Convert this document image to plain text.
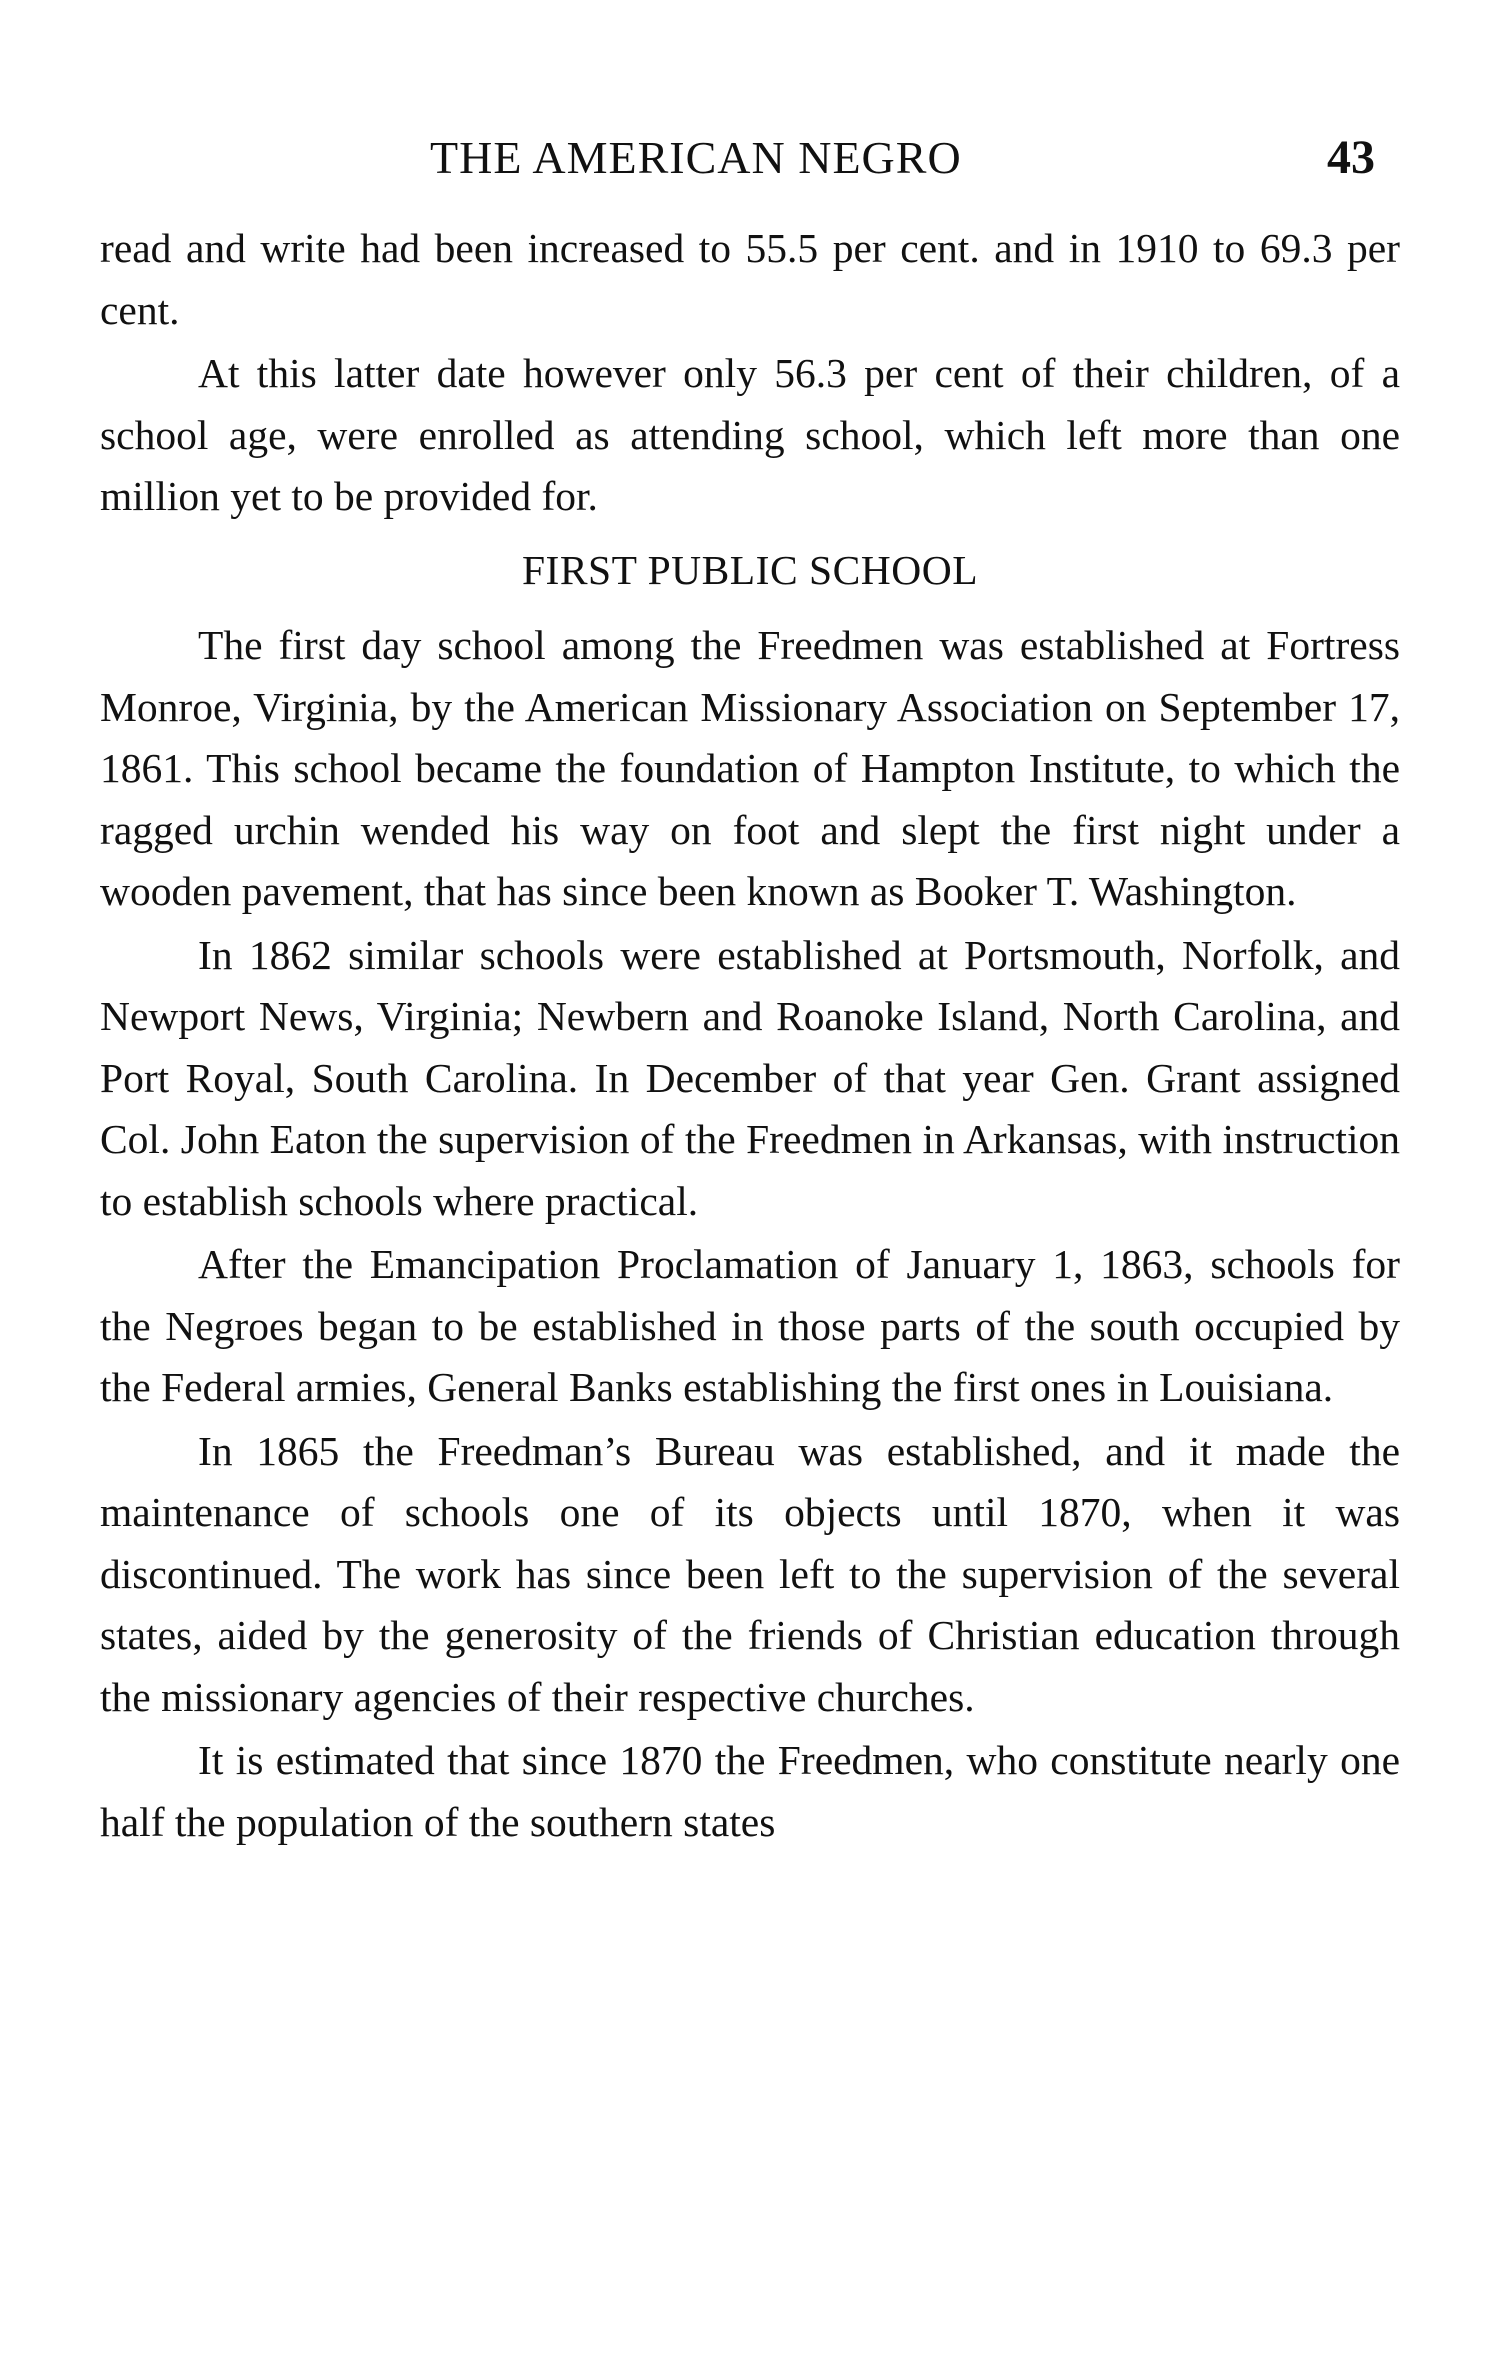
THE AMERICAN NEGRO	43

read and write had been increased to 55.5 per cent. and in 1910 to 69.3 per cent.

At this latter date however only 56.3 per cent of their children, of a school age, were enrolled as attending school, which left more than one million yet to be provided for.

FIRST PUBLIC SCHOOL

The first day school among the Freedmen was established at Fortress Monroe, Virginia, by the American Missionary Association on September 17, 1861. This school became the foundation of Hampton Institute, to which the ragged urchin wended his way on foot and slept the first night under a wooden pavement, that has since been known as Booker T. Washington.

In 1862 similar schools were established at Portsmouth, Norfolk, and Newport News, Virginia; Newbern and Roanoke Island, North Carolina, and Port Royal, South Carolina. In December of that year Gen. Grant assigned Col. John Eaton the supervision of the Freedmen in Arkansas, with instruction to establish schools where practical.

After the Emancipation Proclamation of January 1, 1863, schools for the Negroes began to be established in those parts of the south occupied by the Federal armies, General Banks establishing the first ones in Louisiana.

In 1865 the Freedman’s Bureau was established, and it made the maintenance of schools one of its objects until 1870, when it was discontinued. The work has since been left to the supervision of the several states, aided by the generosity of the friends of Christian education through the missionary agencies of their respective churches.

It is estimated that since 1870 the Freedmen, who constitute nearly one half the population of the southern states
